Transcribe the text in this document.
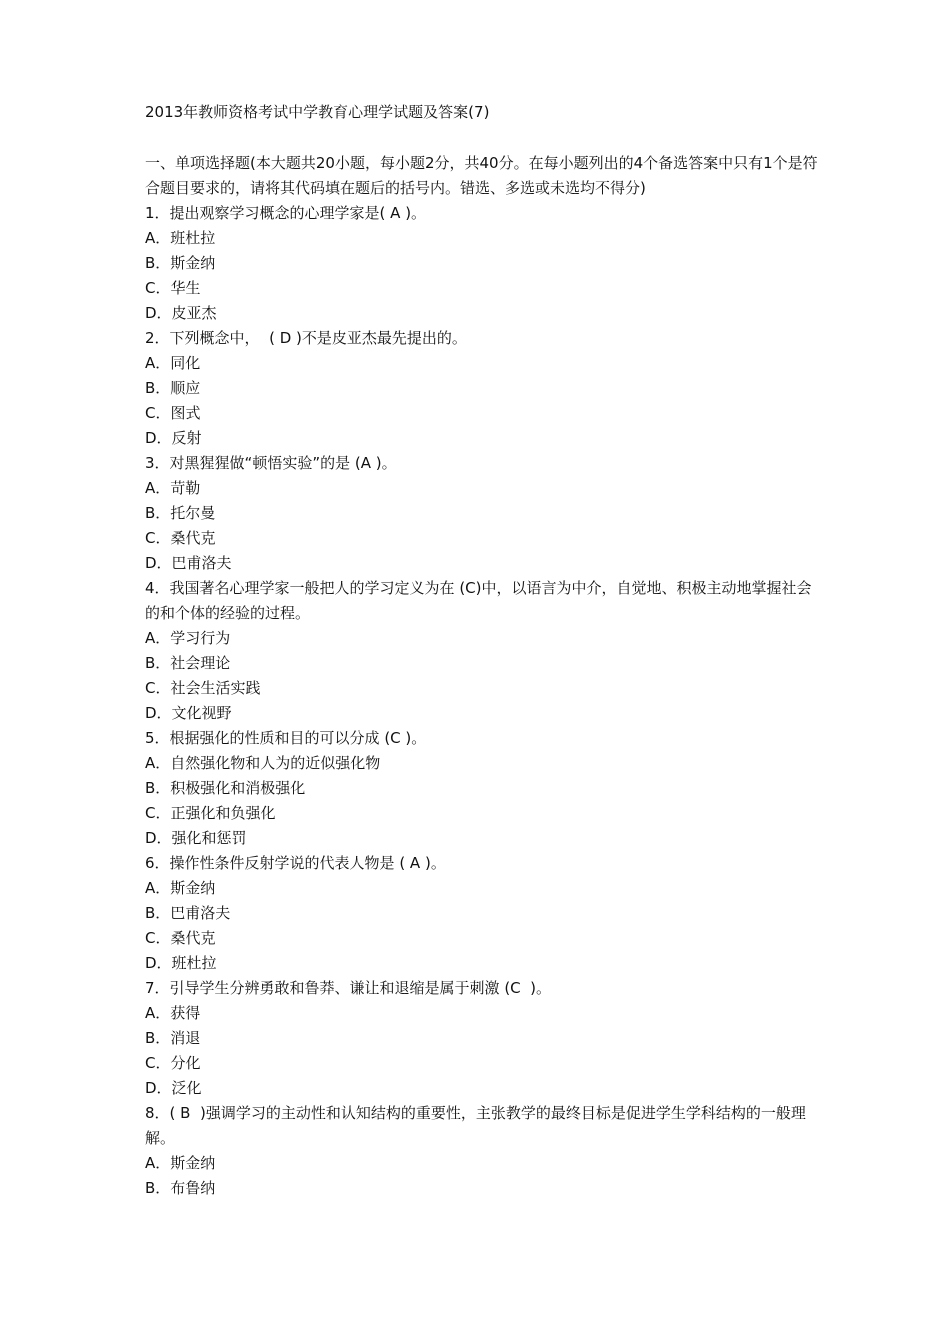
2013年教师资格考试中学教育心理学试题及答案(7)
一、单项选择题(本大题共20小题，每小题2分，共40分。在每小题列出的4个备选答案中只有1个是符合题目要求的，请将其代码填在题后的括号内。错选、多选或未选均不得分)
1．提出观察学习概念的心理学家是( A )。
A．班杜拉
B．斯金纳
C．华生
D．皮亚杰
2．下列概念中，  ( D )不是皮亚杰最先提出的。
A．同化
B．顺应
C．图式
D．反射
3．对黑猩猩做“顿悟实验”的是 (A )。
A．苛勒
B．托尔曼
C．桑代克
D．巴甫洛夫
4．我国著名心理学家一般把人的学习定义为在 (C)中，以语言为中介，自觉地、积极主动地掌握社会的和个体的经验的过程。
A．学习行为
B．社会理论
C．社会生活实践
D．文化视野
5．根据强化的性质和目的可以分成 (C )。
A．自然强化物和人为的近似强化物
B．积极强化和消极强化
C．正强化和负强化
D．强化和惩罚
6．操作性条件反射学说的代表人物是 ( A )。
A．斯金纳
B．巴甫洛夫
C．桑代克
D．班杜拉
7．引导学生分辨勇敢和鲁莽、谦让和退缩是属于刺激 (C  )。
A．获得
B．消退
C．分化
D．泛化
8．( B  )强调学习的主动性和认知结构的重要性，主张教学的最终目标是促进学生学科结构的一般理解。
A．斯金纳
B．布鲁纳
